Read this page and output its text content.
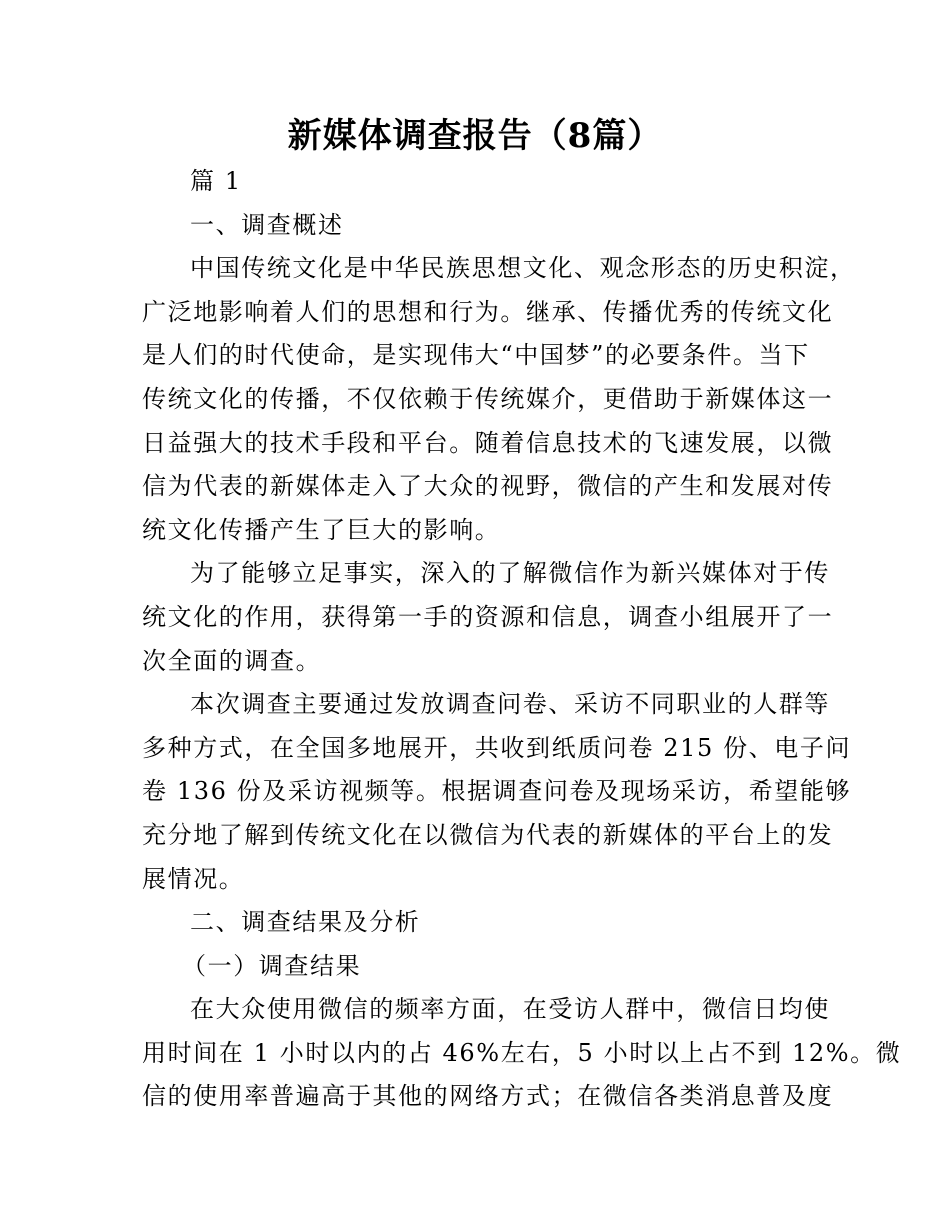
新媒体调查报告（8篇）
篇 1
一、调查概述
中国传统文化是中华民族思想文化、观念形态的历史积淀，
广泛地影响着人们的思想和行为。继承、传播优秀的传统文化
是人们的时代使命，是实现伟大“中国梦”的必要条件。当下
传统文化的传播，不仅依赖于传统媒介，更借助于新媒体这一
日益强大的技术手段和平台。随着信息技术的飞速发展，以微
信为代表的新媒体走入了大众的视野，微信的产生和发展对传
统文化传播产生了巨大的影响。
为了能够立足事实，深入的了解微信作为新兴媒体对于传
统文化的作用，获得第一手的资源和信息，调查小组展开了一
次全面的调查。
本次调查主要通过发放调查问卷、采访不同职业的人群等
多种方式，在全国多地展开，共收到纸质问卷 215 份、电子问
卷 136 份及采访视频等。根据调查问卷及现场采访，希望能够
充分地了解到传统文化在以微信为代表的新媒体的平台上的发
展情况。
二、调查结果及分析
（一）调查结果
在大众使用微信的频率方面，在受访人群中，微信日均使
用时间在 1 小时以内的占 46%左右，5 小时以上占不到 12%。微
信的使用率普遍高于其他的网络方式；在微信各类消息普及度
